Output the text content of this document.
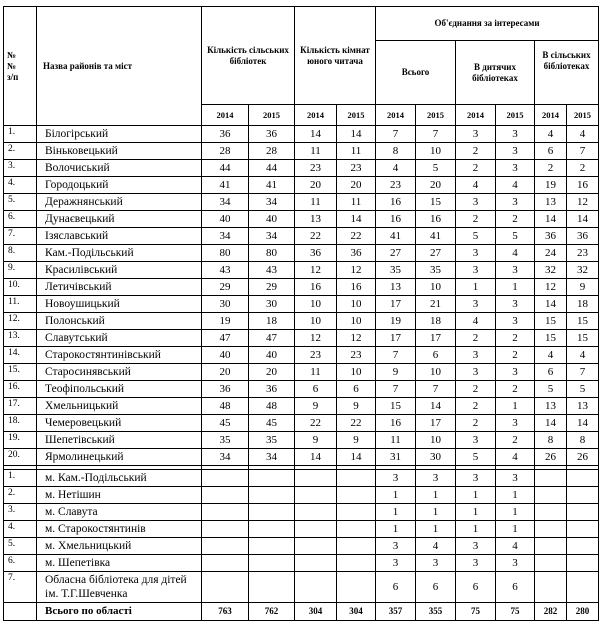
№
№
з/п	Назва районів та міст	Кількість сільських бібліотек		Кількість кімнат юного читача		Об'єднання за інтересами					
						Всього		В дитячих бібліотеках		В сільських бібліотеках	
		2014	2015	2014	2015	2014	2015	2014	2015	2014	2015
1.	Білогірський	36	36	14	14	7	7	3	3	4	4
2.	Віньковецький	28	28	11	11	8	10	2	3	6	7
3.	Волочиський	44	44	23	23	4	5	2	3	2	2
4.	Городоцький	41	41	20	20	23	20	4	4	19	16
5.	Деражнянський	34	34	11	11	16	15	3	3	13	12
6.	Дунаєвецький	40	40	13	14	16	16	2	2	14	14
7.	Ізяславський	34	34	22	22	41	41	5	5	36	36
8.	Кам.-Подільський	80	80	36	36	27	27	3	4	24	23
9.	Красилівський	43	43	12	12	35	35	3	3	32	32
10.	Летичівський	29	29	16	16	13	10	1	1	12	9
11.	Новоушицький	30	30	10	10	17	21	3	3	14	18
12.	Полонський	19	18	10	10	19	18	4	3	15	15
13.	Славутський	47	47	12	12	17	17	2	2	15	15
14.	Старокостянтинівський	40	40	23	23	7	6	3	2	4	4
15.	Старосинявський	20	20	11	10	9	10	3	3	6	7
16.	Теофіпольський	36	36	6	6	7	7	2	2	5	5
17.	Хмельницький	48	48	9	9	15	14	2	1	13	13
18.	Чемеровецький	45	45	22	22	16	17	2	3	14	14
19.	Шепетівський	35	35	9	9	11	10	3	2	8	8
20.	Ярмолинецький	34	34	14	14	31	30	5	4	26	26

1.	м. Кам.-Подільський					3	3	3	3		
2.	м. Нетішин					1	1	1	1		
3.	м. Славута					1	1	1	1		
4.	м. Старокостянтинів					1	1	1	1		
5.	м. Хмельницький					3	4	3	4		
6.	м. Шепетівка					3	3	3	3		
7.	Обласна бібліотека для дітей ім. Т.Г.Шевченка					6	6	6	6		
	Всього по області	763	762	304	304	357	355	75	75	282	280
